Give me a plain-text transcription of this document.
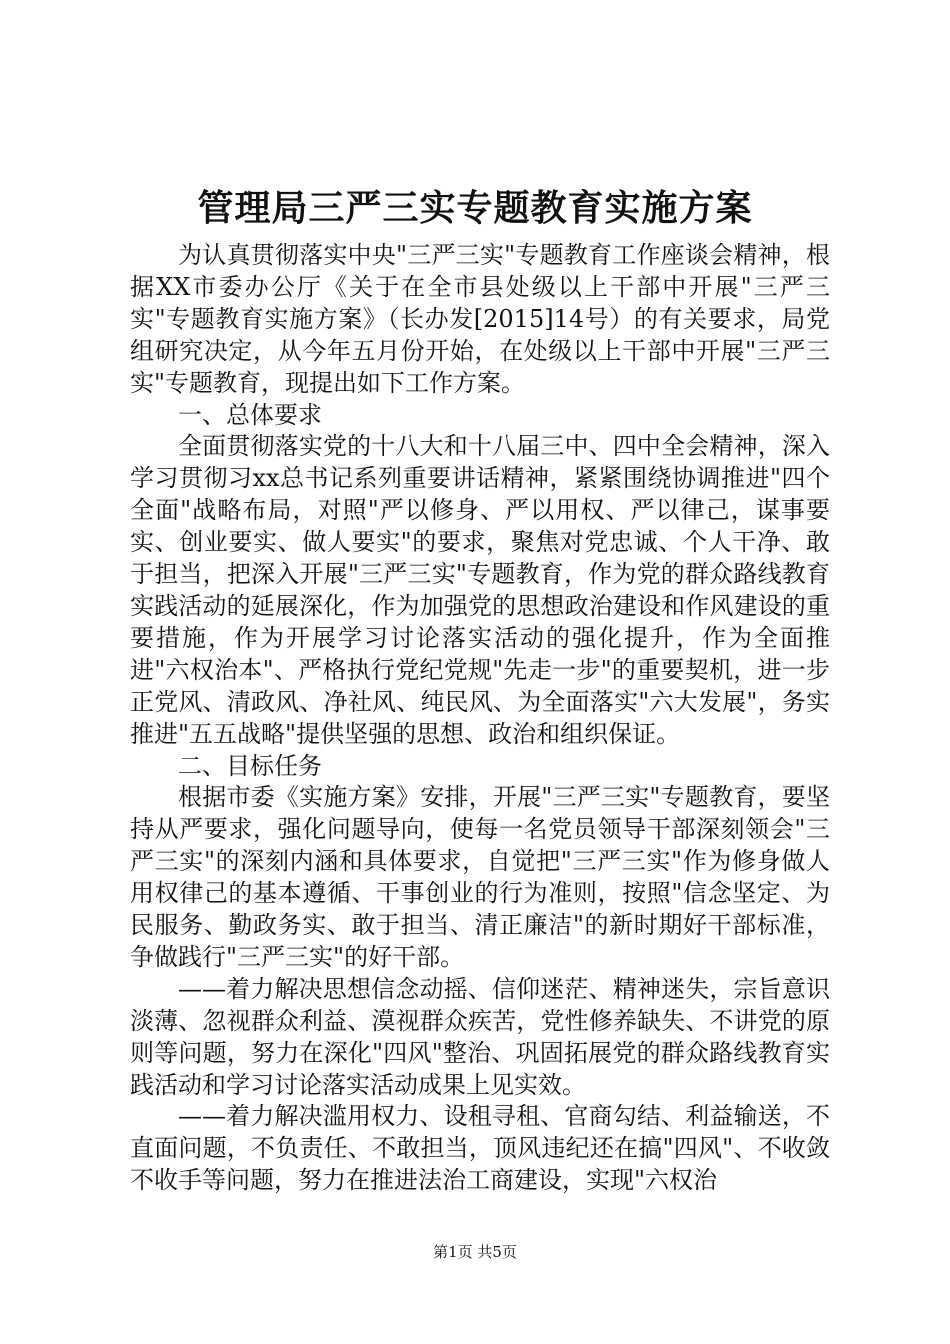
管理局三严三实专题教育实施方案

为认真贯彻落实中央"三严三实"专题教育工作座谈会精神，根据XX市委办公厅《关于在全市县处级以上干部中开展"三严三实"专题教育实施方案》（长办发[2015]14号）的有关要求，局党组研究决定，从今年五月份开始，在处级以上干部中开展"三严三实"专题教育，现提出如下工作方案。

一、总体要求

全面贯彻落实党的十八大和十八届三中、四中全会精神，深入学习贯彻习xx总书记系列重要讲话精神，紧紧围绕协调推进"四个全面"战略布局，对照"严以修身、严以用权、严以律己，谋事要实、创业要实、做人要实"的要求，聚焦对党忠诚、个人干净、敢于担当，把深入开展"三严三实"专题教育，作为党的群众路线教育实践活动的延展深化，作为加强党的思想政治建设和作风建设的重要措施，作为开展学习讨论落实活动的强化提升，作为全面推进"六权治本"、严格执行党纪党规"先走一步"的重要契机，进一步正党风、清政风、净社风、纯民风、为全面落实"六大发展"，务实推进"五五战略"提供坚强的思想、政治和组织保证。

二、目标任务

根据市委《实施方案》安排，开展"三严三实"专题教育，要坚持从严要求，强化问题导向，使每一名党员领导干部深刻领会"三严三实"的深刻内涵和具体要求，自觉把"三严三实"作为修身做人用权律己的基本遵循、干事创业的行为准则，按照"信念坚定、为民服务、勤政务实、敢于担当、清正廉洁"的新时期好干部标准，争做践行"三严三实"的好干部。

——着力解决思想信念动摇、信仰迷茫、精神迷失，宗旨意识淡薄、忽视群众利益、漠视群众疾苦，党性修养缺失、不讲党的原则等问题，努力在深化"四风"整治、巩固拓展党的群众路线教育实践活动和学习讨论落实活动成果上见实效。

——着力解决滥用权力、设租寻租、官商勾结、利益输送，不直面问题，不负责任、不敢担当，顶风违纪还在搞"四风"、不收敛不收手等问题，努力在推进法治工商建设，实现"六权治

第1页 共5页
